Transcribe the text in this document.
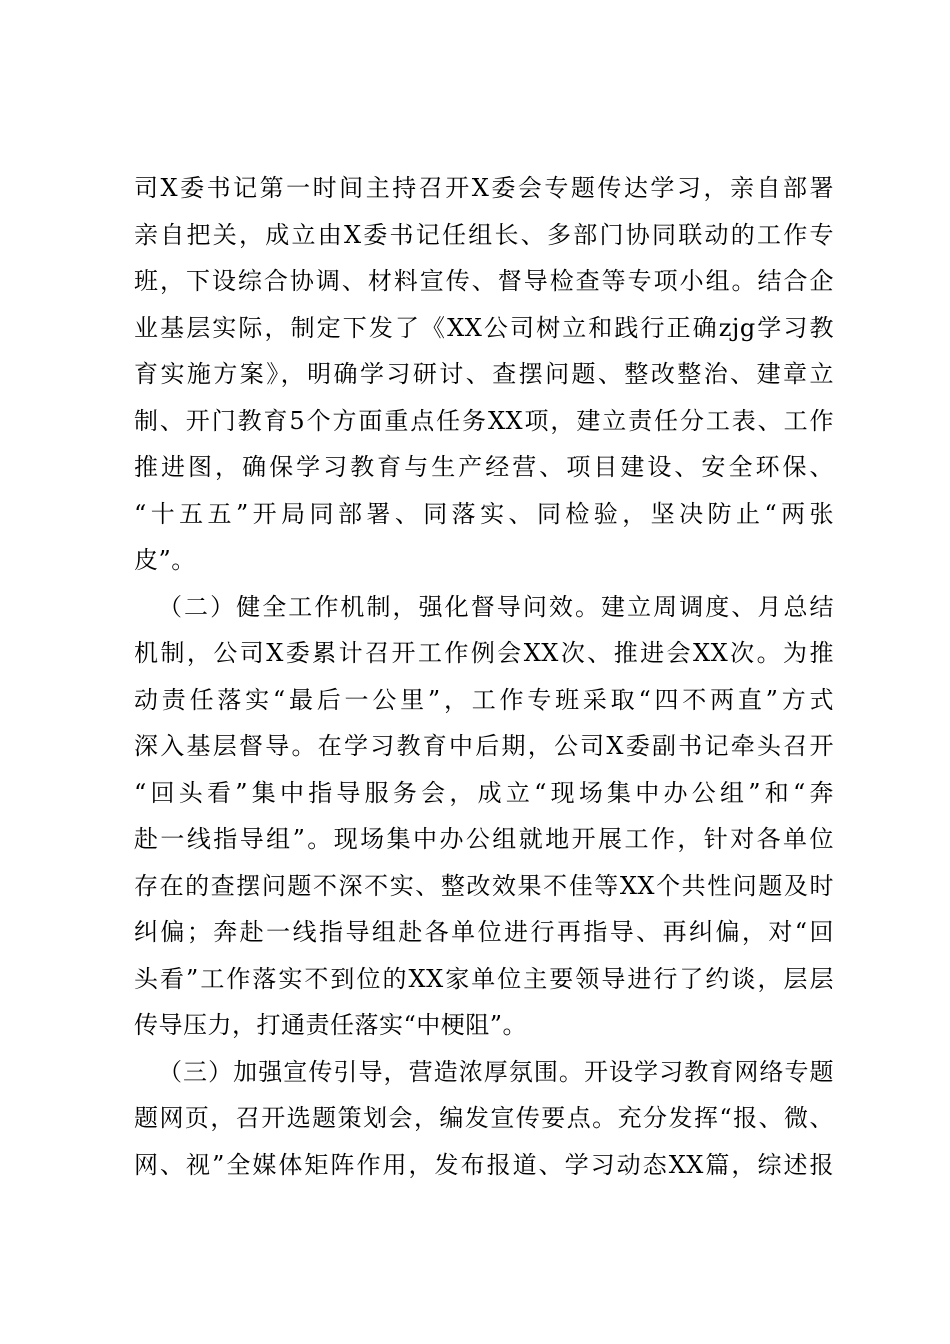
司X委书记第一时间主持召开X委会专题传达学习，亲自部署
亲自把关，成立由X委书记任组长、多部门协同联动的工作专
班，下设综合协调、材料宣传、督导检查等专项小组。结合企
业基层实际，制定下发了《XX公司树立和践行正确zjg学习教
育实施方案》，明确学习研讨、查摆问题、整改整治、建章立
制、开门教育5个方面重点任务XX项，建立责任分工表、工作
推进图，确保学习教育与生产经营、项目建设、安全环保、
“十五五”开局同部署、同落实、同检验，坚决防止“两张
皮”。
（二）健全工作机制，强化督导问效。建立周调度、月总结
机制，公司X委累计召开工作例会XX次、推进会XX次。为推
动责任落实“最后一公里”，工作专班采取“四不两直”方式
深入基层督导。在学习教育中后期，公司X委副书记牵头召开
“回头看”集中指导服务会，成立“现场集中办公组”和“奔
赴一线指导组”。现场集中办公组就地开展工作，针对各单位
存在的查摆问题不深不实、整改效果不佳等XX个共性问题及时
纠偏；奔赴一线指导组赴各单位进行再指导、再纠偏，对“回
头看”工作落实不到位的XX家单位主要领导进行了约谈，层层
传导压力，打通责任落实“中梗阻”。
（三）加强宣传引导，营造浓厚氛围。开设学习教育网络专题
题网页，召开选题策划会，编发宣传要点。充分发挥“报、微、
网、视”全媒体矩阵作用，发布报道、学习动态XX篇，综述报
